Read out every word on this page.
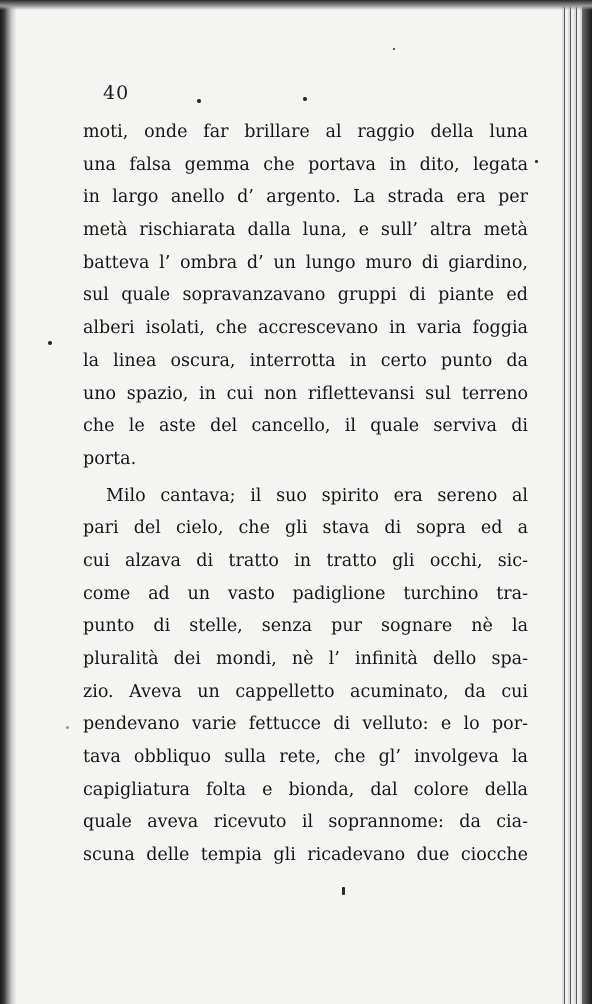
40
moti, onde far brillare al raggio della luna
una falsa gemma che portava in dito, legata
in largo anello d’ argento. La strada era per
metà rischiarata dalla luna, e sull’ altra metà
batteva l’ ombra d’ un lungo muro di giardino,
sul quale sopravanzavano gruppi di piante ed
alberi isolati, che accrescevano in varia foggia
la linea oscura, interrotta in certo punto da
uno spazio, in cui non riflettevansi sul terreno
che le aste del cancello, il quale serviva di
porta.
Milo cantava; il suo spirito era sereno al
pari del cielo, che gli stava di sopra ed a
cui alzava di tratto in tratto gli occhi, sic-
come ad un vasto padiglione turchino tra-
punto di stelle, senza pur sognare nè la
pluralità dei mondi, nè l’ infinità dello spa-
zio. Aveva un cappelletto acuminato, da cui
pendevano varie fettucce di velluto: e lo por-
tava obbliquo sulla rete, che gl’ involgeva la
capigliatura folta e bionda, dal colore della
quale aveva ricevuto il soprannome: da cia-
scuna delle tempia gli ricadevano due ciocche
